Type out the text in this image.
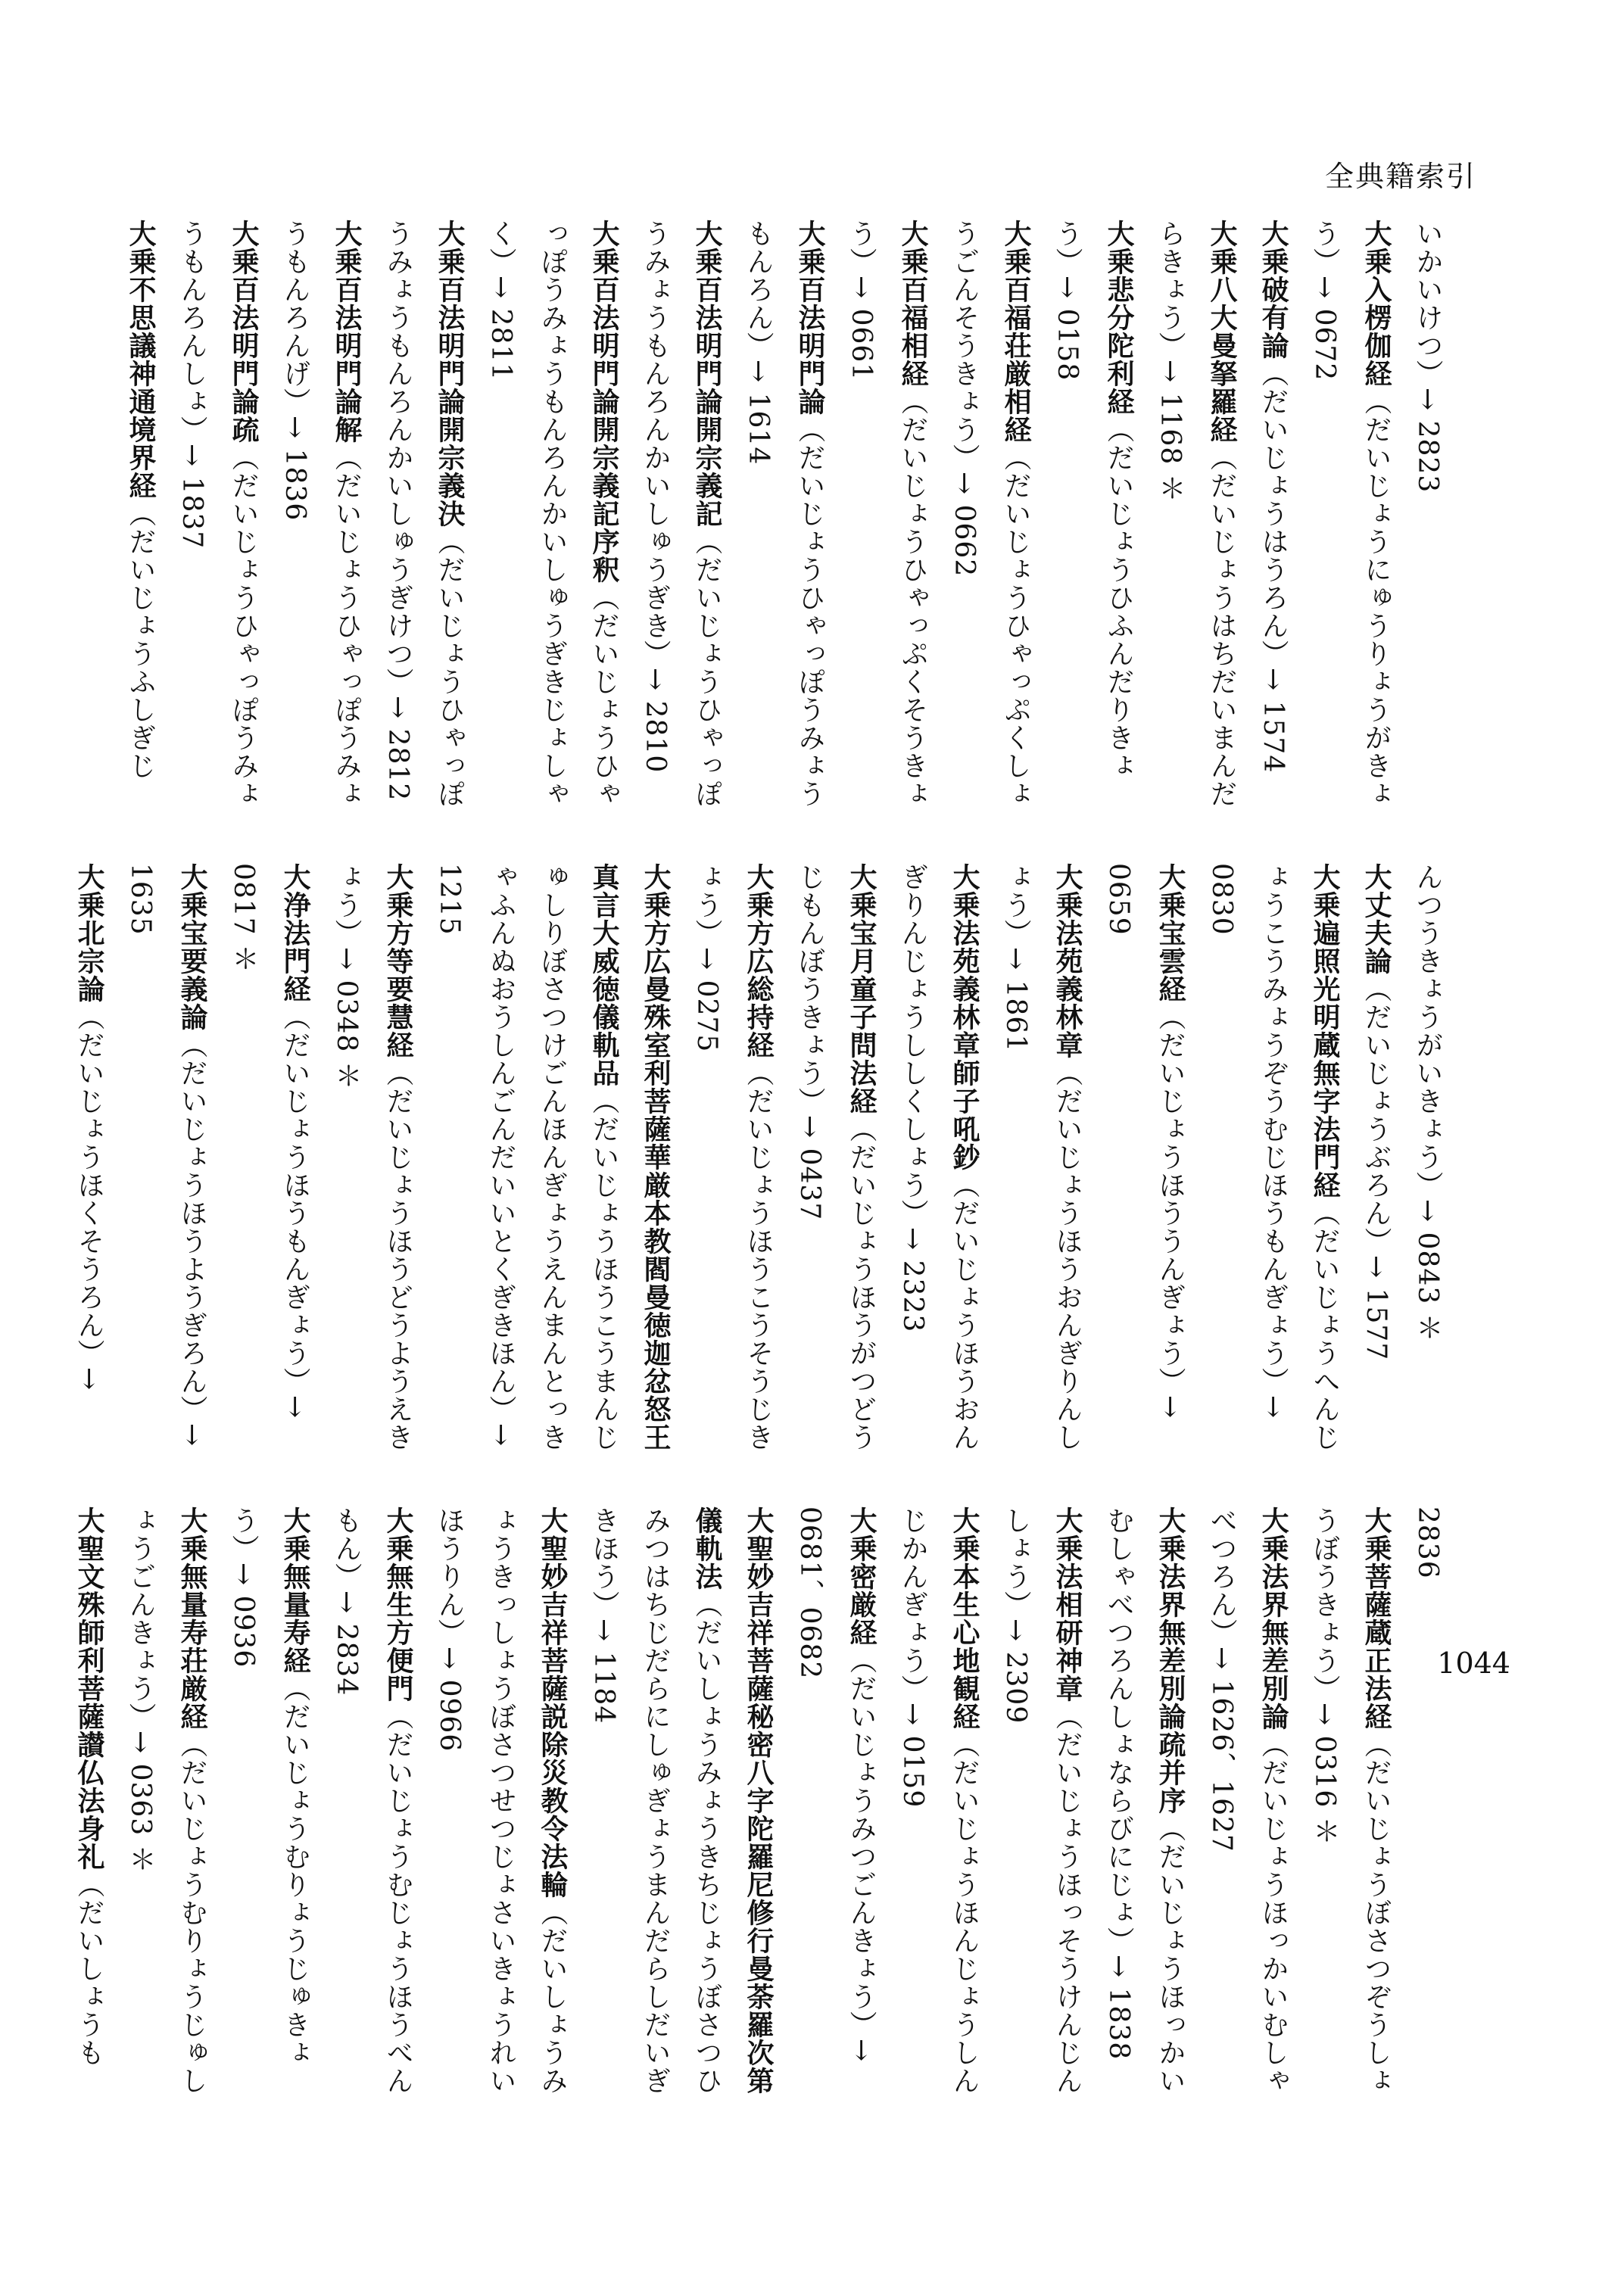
全典籍索引

いかいけつ）→ 2823

大乗入楞伽経（だいじょうにゅうりょうがきょう）→ 0672

大乗破有論（だいじょうはうろん）→ 1574

大乗八大曼拏羅経（だいじょうはちだいまんだらきょう）→ 1168 ＊

大乗悲分陀利経（だいじょうひふんだりきょう）→ 0158

大乗百福荘厳相経（だいじょうひゃっぷくしょうごんそうきょう）→ 0662

大乗百福相経（だいじょうひゃっぷくそうきょう）→ 0661

大乗百法明門論（だいじょうひゃっぽうみょうもんろん）→ 1614

大乗百法明門論開宗義記（だいじょうひゃっぽうみょうもんろんかいしゅうぎき）→ 2810

大乗百法明門論開宗義記序釈（だいじょうひゃっぽうみょうもんろんかいしゅうぎきじょしゃく）→ 2811

大乗百法明門論開宗義決（だいじょうひゃっぽうみょうもんろんかいしゅうぎけつ）→ 2812

大乗百法明門論解（だいじょうひゃっぽうみょうもんろんげ）→ 1836

大乗百法明門論疏（だいじょうひゃっぽうみょうもんろんしょ）→ 1837

大乗不思議神通境界経（だいじょうふしぎじ

んつうきょうがいきょう）→ 0843 ＊

大丈夫論（だいじょうぶろん）→ 1577

大乗遍照光明蔵無字法門経（だいじょうへんじょうこうみょうぞうむじほうもんぎょう）→ 0830

大乗宝雲経（だいじょうほううんぎょう）→ 0659

大乗法苑義林章（だいじょうほうおんぎりんしょう）→ 1861

大乗法苑義林章師子吼鈔（だいじょうほうおんぎりんじょうししくしょう）→ 2323

大乗宝月童子問法経（だいじょうほうがつどうじもんぼうきょう）→ 0437

大乗方広総持経（だいじょうほうこうそうじきょう）→ 0275

大乗方広曼殊室利菩薩華厳本教閻曼徳迦忿怒王真言大威徳儀軌品（だいじょうほうこうまんじゅしりぼさつけごんほんぎょうえんまんとっきゃふんぬおうしんごんだいいとくぎきほん）→ 1215

大乗方等要慧経（だいじょうほうどうようえきょう）→ 0348 ＊

大浄法門経（だいじょうほうもんぎょう）→ 0817 ＊

大乗宝要義論（だいじょうほうようぎろん）→ 1635

大乗北宗論（だいじょうほくそうろん）→

2836

大乗菩薩蔵正法経（だいじょうぼさつぞうしょうぼうきょう）→ 0316 ＊

大乗法界無差別論（だいじょうほっかいむしゃべつろん）→ 1626、1627

大乗法界無差別論疏并序（だいじょうほっかいむしゃべつろんしょならびにじょ）→ 1838

大乗法相研神章（だいじょうほっそうけんじんしょう）→ 2309

大乗本生心地観経（だいじょうほんじょうしんじかんぎょう）→ 0159

大乗密厳経（だいじょうみつごんきょう）→ 0681、0682

大聖妙吉祥菩薩秘密八字陀羅尼修行曼荼羅次第儀軌法（だいしょうみょうきちじょうぼさつひみつはちじだらにしゅぎょうまんだらしだいぎきほう）→ 1184

大聖妙吉祥菩薩説除災教令法輪（だいしょうみょうきっしょうぼさつせつじょさいきょうれいほうりん）→ 0966

大乗無生方便門（だいじょうむじょうほうべんもん）→ 2834

大乗無量寿経（だいじょうむりょうじゅきょう）→ 0936

大乗無量寿荘厳経（だいじょうむりょうじゅしょうごんきょう）→ 0363 ＊

大聖文殊師利菩薩讃仏法身礼（だいしょうも

1044
